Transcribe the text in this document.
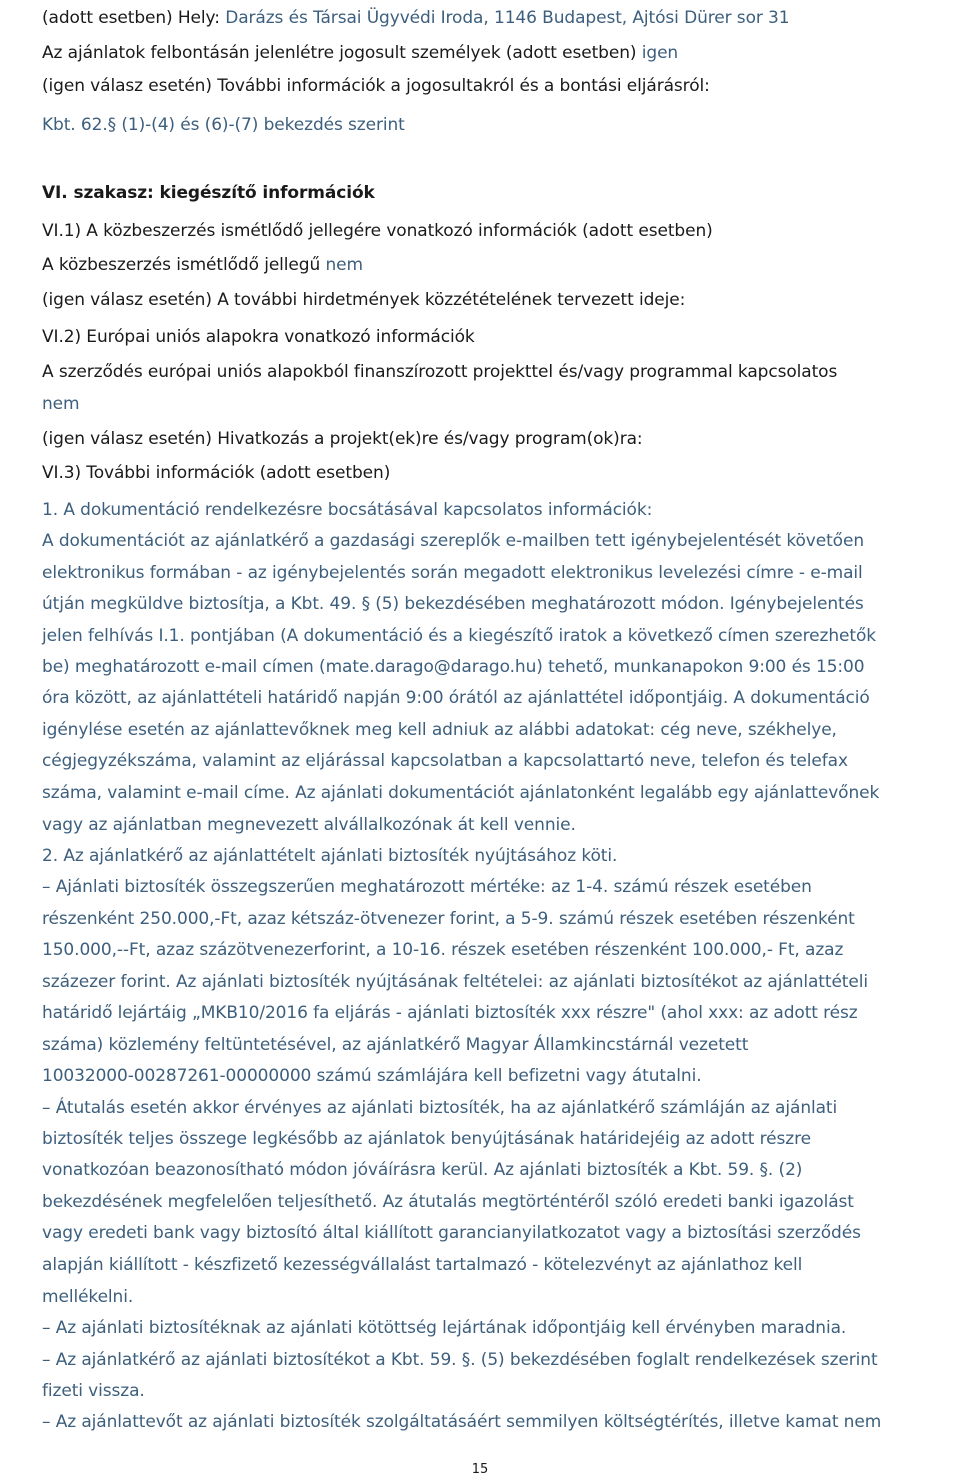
(adott esetben) Hely: Darázs és Társai Ügyvédi Iroda, 1146 Budapest, Ajtósi Dürer sor 31
Az ajánlatok felbontásán jelenlétre jogosult személyek (adott esetben) igen
(igen válasz esetén) További információk a jogosultakról és a bontási eljárásról:
Kbt. 62.§ (1)-(4) és (6)-(7) bekezdés szerint
VI. szakasz: kiegészítő információk
VI.1) A közbeszerzés ismétlődő jellegére vonatkozó információk (adott esetben)
A közbeszerzés ismétlődő jellegű nem
(igen válasz esetén) A további hirdetmények közzétételének tervezett ideje:
VI.2) Európai uniós alapokra vonatkozó információk
A szerződés európai uniós alapokból finanszírozott projekttel és/vagy programmal kapcsolatos
nem
(igen válasz esetén) Hivatkozás a projekt(ek)re és/vagy program(ok)ra:
VI.3) További információk (adott esetben)
1. A dokumentáció rendelkezésre bocsátásával kapcsolatos információk:
A dokumentációt az ajánlatkérő a gazdasági szereplők e-mailben tett igénybejelentését követően
elektronikus formában - az igénybejelentés során megadott elektronikus levelezési címre - e-mail
útján megküldve biztosítja, a Kbt. 49. § (5) bekezdésében meghatározott módon. Igénybejelentés
jelen felhívás I.1. pontjában (A dokumentáció és a kiegészítő iratok a következő címen szerezhetők
be) meghatározott e-mail címen (mate.darago@darago.hu) tehető, munkanapokon 9:00 és 15:00
óra között, az ajánlattételi határidő napján 9:00 órától az ajánlattétel időpontjáig. A dokumentáció
igénylése esetén az ajánlattevőknek meg kell adniuk az alábbi adatokat: cég neve, székhelye,
cégjegyzékszáma, valamint az eljárással kapcsolatban a kapcsolattartó neve, telefon és telefax
száma, valamint e-mail címe. Az ajánlati dokumentációt ajánlatonként legalább egy ajánlattevőnek
vagy az ajánlatban megnevezett alvállalkozónak át kell vennie.
2. Az ajánlatkérő az ajánlattételt ajánlati biztosíték nyújtásához köti.
– Ajánlati biztosíték összegszerűen meghatározott mértéke: az 1-4. számú részek esetében
részenként 250.000,-Ft, azaz kétszáz-ötvenezer forint, a 5-9. számú részek esetében részenként
150.000,--Ft, azaz százötvenezerforint, a 10-16. részek esetében részenként 100.000,- Ft, azaz
százezer forint. Az ajánlati biztosíték nyújtásának feltételei: az ajánlati biztosítékot az ajánlattételi
határidő lejártáig „MKB10/2016 fa eljárás - ajánlati biztosíték xxx részre" (ahol xxx: az adott rész
száma) közlemény feltüntetésével, az ajánlatkérő Magyar Államkincstárnál vezetett
10032000-00287261-00000000 számú számlájára kell befizetni vagy átutalni.
– Átutalás esetén akkor érvényes az ajánlati biztosíték, ha az ajánlatkérő számláján az ajánlati
biztosíték teljes összege legkésőbb az ajánlatok benyújtásának határidejéig az adott részre
vonatkozóan beazonosítható módon jóváírásra kerül. Az ajánlati biztosíték a Kbt. 59. §. (2)
bekezdésének megfelelően teljesíthető. Az átutalás megtörténtéről szóló eredeti banki igazolást
vagy eredeti bank vagy biztosító által kiállított garancianyilatkozatot vagy a biztosítási szerződés
alapján kiállított - készfizető kezességvállalást tartalmazó - kötelezvényt az ajánlathoz kell
mellékelni.
– Az ajánlati biztosítéknak az ajánlati kötöttség lejártának időpontjáig kell érvényben maradnia.
– Az ajánlatkérő az ajánlati biztosítékot a Kbt. 59. §. (5) bekezdésében foglalt rendelkezések szerint
fizeti vissza.
– Az ajánlattevőt az ajánlati biztosíték szolgáltatásáért semmilyen költségtérítés, illetve kamat nem
15
